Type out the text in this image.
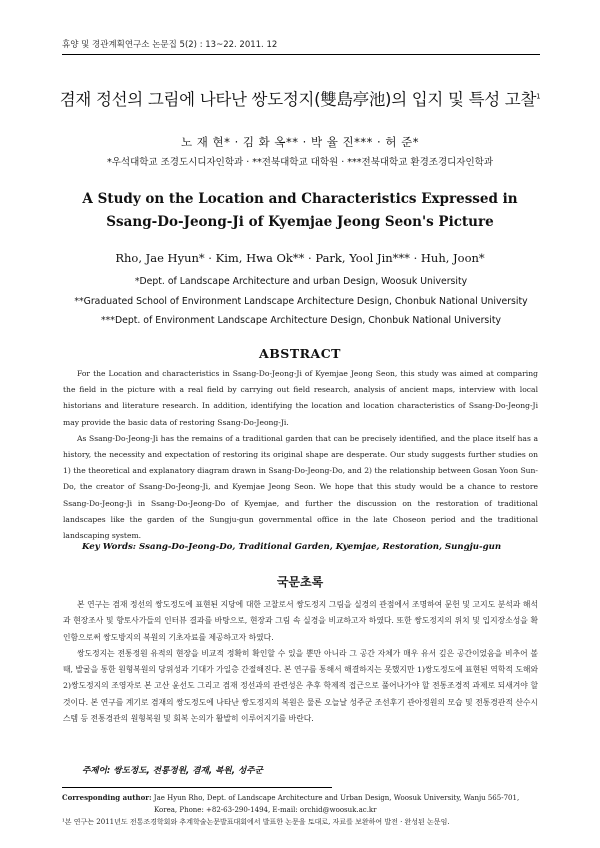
휴양 및 경관계획연구소 논문집 5(2) : 13~22. 2011. 12
겸재 정선의 그림에 나타난 쌍도정지(雙島亭池)의 입지 및 특성 고찰$^1$
노 재 현* · 김 화 옥** · 박 율 진*** · 허 준*
*우석대학교 조경도시디자인학과 · **전북대학교 대학원 · ***전북대학교 환경조경디자인학과
A Study on the Location and Characteristics Expressed in
Ssang-Do-Jeong-Ji of Kyemjae Jeong Seon's Picture
Rho, Jae Hyun* · Kim, Hwa Ok** · Park, Yool Jin*** · Huh, Joon*
*Dept. of Landscape Architecture and urban Design, Woosuk University
**Graduated School of Environment Landscape Architecture Design, Chonbuk National University
***Dept. of Environment Landscape Architecture Design, Chonbuk National University
ABSTRACT

For the Location and characteristics in Ssang-Do-Jeong-Ji of Kyemjae Jeong Seon, this study was aimed at comparing the field in the picture with a real field by carrying out field research, analysis of ancient maps, interview with local historians and literature research. In addition, identifying the location and location characteristics of Ssang-Do-Jeong-Ji may provide the basic data of restoring Ssang-Do-Jeong-Ji.

As Ssang-Do-Jeong-Ji has the remains of a traditional garden that can be precisely identified, and the place itself has a history, the necessity and expectation of restoring its original shape are desperate. Our study suggests further studies on 1) the theoretical and explanatory diagram drawn in Ssang-Do-Jeong-Do, and 2) the relationship between Gosan Yoon Sun-Do, the creator of Ssang-Do-Jeong-Ji, and Kyemjae Jeong Seon. We hope that this study would be a chance to restore Ssang-Do-Jeong-Ji in Ssang-Do-Jeong-Do of Kyemjae, and further the discussion on the restoration of traditional landscapes like the garden of the Sungju-gun governmental office in the late Choseon period and the traditional landscaping system.

Key Words: Ssang-Do-Jeong-Do, Traditional Garden, Kyemjae, Restoration, Sungju-gun
국문초록

본 연구는 겸재 정선의 쌍도정도에 표현된 지당에 대한 고찰로서 쌍도정지 그림을 실경의 관점에서 조명하여 문헌 및 고지도 분석과 해석과 현장조사 및 향토사가들의 인터뷰 결과를 바탕으로, 현장과 그림 속 실경을 비교하고자 하였다. 또한 쌍도정지의 위치 및 입지장소성을 확인함으로써 쌍도방지의 복원의 기초자료를 제공하고자 하였다.

쌍도정지는 전통정원 유적의 현장을 비교적 정확히 확인할 수 있을 뿐만 아니라 그 공간 자체가 매우 유서 깊은 공간이었음을 비추어 볼 때, 발굴을 통한 원형복원의 당위성과 기대가 가일층 간절해진다. 본 연구를 통해서 해결하지는 못했지만 1)쌍도정도에 표현된 역학적 도해와 2)쌍도정지의 조영자로 본 고산 윤선도 그리고 겸재 정선과의 관련성은 추후 학제적 접근으로 풀어나가야 할 전통조경적 과제로 되새겨야 할 것이다. 본 연구를 계기로 겸재의 쌍도정도에 나타난 쌍도정지의 복원은 물론 오늘날 성주군 조선후기 관아정원의 모습 및 전통경관적 산수시스템 등 전통경관의 원형복원 및 회복 논의가 활발히 이루어지기를 바란다.

주제어: 쌍도정도, 전통정원, 겸재, 복원, 성주군
Corresponding author: Jae Hyun Rho, Dept. of Landscape Architecture and Urban Design, Woosuk University, Wanju 565-701,
Korea, Phone: +82-63-290-1494, E-mail: orchid@woosuk.ac.kr
¹본 연구는 2011년도 전통조경학회와 추계학술논문발표대회에서 발표한 논문을 토대로, 자료를 보완하여 발전 · 완성된 논문임.
